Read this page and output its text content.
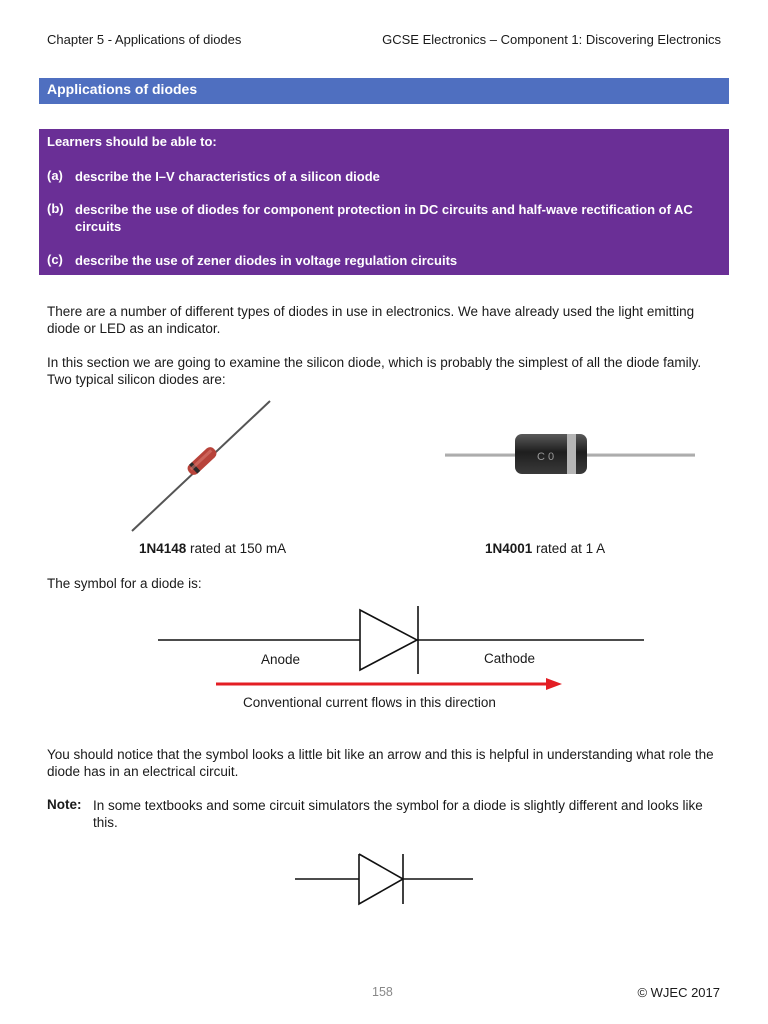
Chapter 5 - Applications of diodes	GCSE Electronics – Component 1: Discovering Electronics
Applications of diodes
Learners should be able to:
(a) describe the I–V characteristics of a silicon diode
(b) describe the use of diodes for component protection in DC circuits and half-wave rectification of AC circuits
(c) describe the use of zener diodes in voltage regulation circuits

There are a number of different types of diodes in use in electronics. We have already used the light emitting diode or LED as an indicator.

In this section we are going to examine the silicon diode, which is probably the simplest of all the diode family. Two typical silicon diodes are:

C 0
1N4148 rated at 150 mA	1N4001 rated at 1 A

The symbol for a diode is:

Anode	Cathode
Conventional current flows in this direction

You should notice that the symbol looks a little bit like an arrow and this is helpful in understanding what role the diode has in an electrical circuit.

Note: In some textbooks and some circuit simulators the symbol for a diode is slightly different and looks like this.

158	© WJEC 2017
